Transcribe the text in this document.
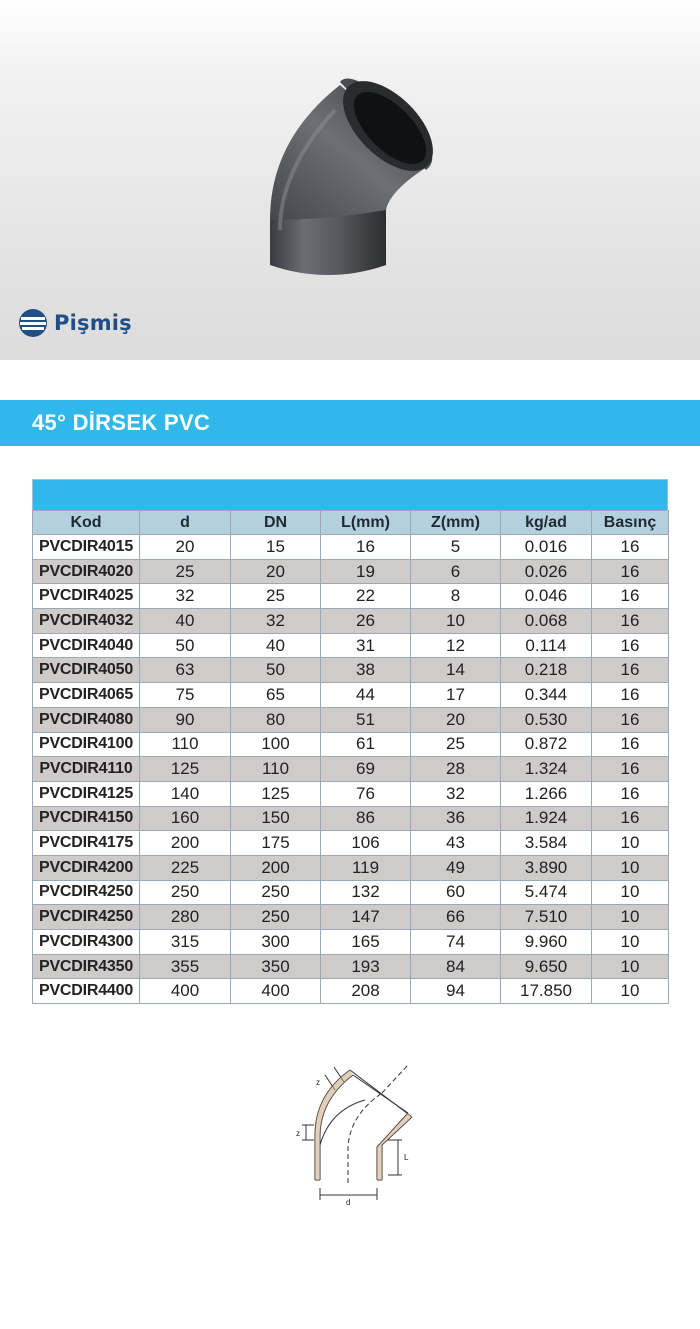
Pişmiş
45° DİRSEK PVC
Kod	d	DN	L(mm)	Z(mm)	kg/ad	Basınç
PVCDIR4015	20	15	16	5	0.016	16
PVCDIR4020	25	20	19	6	0.026	16
PVCDIR4025	32	25	22	8	0.046	16
PVCDIR4032	40	32	26	10	0.068	16
PVCDIR4040	50	40	31	12	0.114	16
PVCDIR4050	63	50	38	14	0.218	16
PVCDIR4065	75	65	44	17	0.344	16
PVCDIR4080	90	80	51	20	0.530	16
PVCDIR4100	110	100	61	25	0.872	16
PVCDIR4110	125	110	69	28	1.324	16
PVCDIR4125	140	125	76	32	1.266	16
PVCDIR4150	160	150	86	36	1.924	16
PVCDIR4175	200	175	106	43	3.584	10
PVCDIR4200	225	200	119	49	3.890	10
PVCDIR4250	250	250	132	60	5.474	10
PVCDIR4250	280	250	147	66	7.510	10
PVCDIR4300	315	300	165	74	9.960	10
PVCDIR4350	355	350	193	84	9.650	10
PVCDIR4400	400	400	208	94	17.850	10
d
L
z
z
